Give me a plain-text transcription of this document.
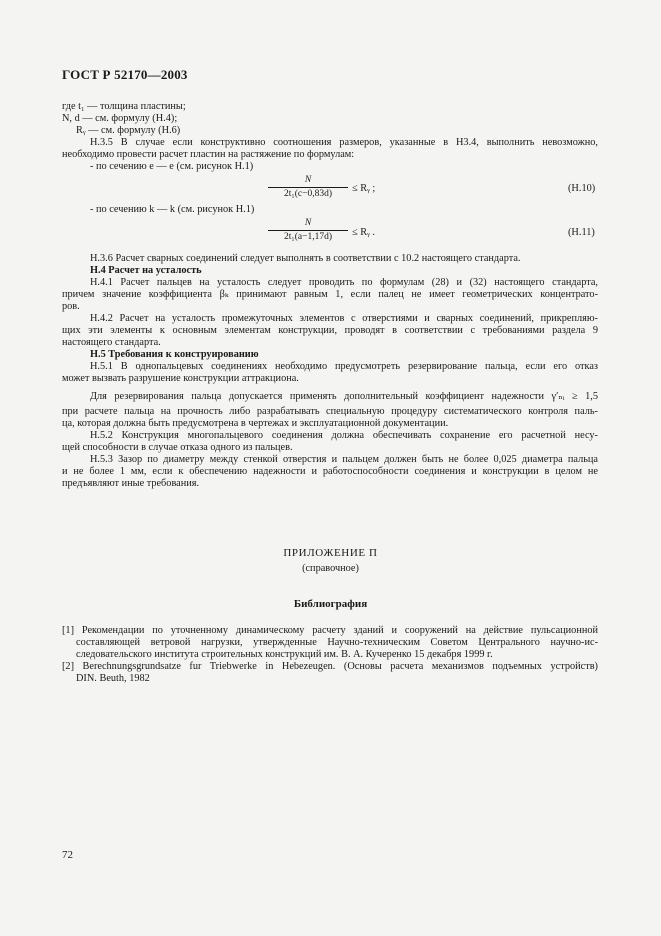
ГОСТ Р 52170—2003
где t₁ — толщина пластины;
N, d — см. формулу (Н.4);
Rᵧ — см. формулу (Н.6)
Н.3.5 В случае если конструктивно соотношения размеров, указанные в Н3.4, выполнить невозможно,
необходимо провести расчет пластин на растяжение по формулам:
- по сечению e — e (см. рисунок Н.1)
N
2t₁(c−0,83d)	≤ Rᵧ ;	(Н.10)
- по сечению k — k (см. рисунок Н.1)
N
2t₁(a−1,17d)	≤ Rᵧ .	(Н.11)
Н.3.6 Расчет сварных соединений следует выполнять в соответствии с 10.2 настоящего стандарта.
Н.4 Расчет на усталость
Н.4.1 Расчет пальцев на усталость следует проводить по формулам (28) и (32) настоящего стандарта,
причем значение коэффициента βₖ принимают равным 1, если палец не имеет геометрических концентрато-
ров.
Н.4.2 Расчет на усталость промежуточных элементов с отверстиями и сварных соединений, прикрепляю-
щих эти элементы к основным элементам конструкции, проводят в соответствии с требованиями раздела 9
настоящего стандарта.
Н.5 Требования к конструированию
Н.5.1 В однопальцевых соединениях необходимо предусмотреть резервирование пальца, если его отказ
может вызвать разрушение конструкции аттракциона.
Для резервирования пальца допускается применять дополнительный коэффициент надежности γ′ₙᵢ ≥ 1,5
при расчете пальца на прочность либо разрабатывать специальную процедуру систематического контроля паль-
ца, которая должна быть предусмотрена в чертежах и эксплуатационной документации.
Н.5.2 Конструкция многопальцевого соединения должна обеспечивать сохранение его расчетной несу-
щей способности в случае отказа одного из пальцев.
Н.5.3 Зазор по диаметру между стенкой отверстия и пальцем должен быть не более 0,025 диаметра пальца
и не более 1 мм, если к обеспечению надежности и работоспособности соединения и конструкции в целом не
предъявляют иные требования.
ПРИЛОЖЕНИЕ П
(справочное)
Библиография
[1] Рекомендации по уточненному динамическому расчету зданий и сооружений на действие пульсационной
составляющей ветровой нагрузки, утвержденные Научно-техническим Советом Центрального научно-ис-
следовательского института строительных конструкций им. В. А. Кучеренко 15 декабря 1999 г.
[2] Berechnungsgrundsatze fur Triebwerke in Hebezeugen. (Основы расчета механизмов подъемных устройств)
DIN. Beuth, 1982
72
